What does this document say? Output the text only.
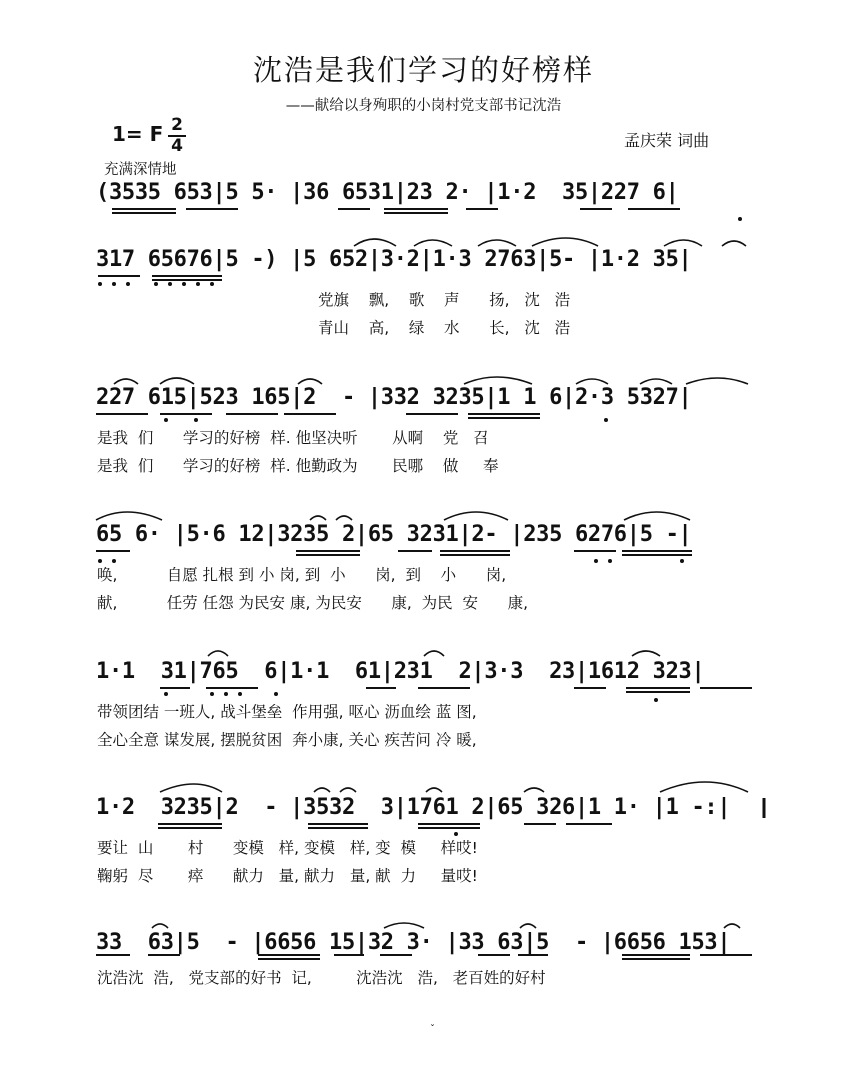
沈浩是我们学习的好榜样
——献给以身殉职的小岗村党支部书记沈浩
1= F 2
4	孟庆荣 词曲
充满深情地
(3535 653|5 5· |36 6531|23 2· |1·2  35|227 6|
317 65676|5 -) |5 652|3·2|1·3 2763|5- |1·2 35|
党旗    飘,    歌    声      扬,   沈   浩
青山    高,    绿    水      长,   沈   浩
227 615|523 165|2  - |332 3235|1 1 6|2·3 5327|
是我  们      学习的好榜  样. 他坚决听       从啊    党   召
是我  们      学习的好榜  样. 他勤政为       民哪    做     奉
65 6· |5·6 12|3235 2|65 3231|2- |235 6276|5 -|
唤,          自愿 扎根 到 小 岗, 到  小      岗,  到    小      岗,
献,          任劳 任怨 为民安 康, 为民安      康,  为民  安      康,
1·1  31|765  6|1·1  61|231  2|3·3  23|1612 323|
带领团结 一班人, 战斗堡垒  作用强, 呕心 沥血绘 蓝 图,
全心全意 谋发展, 摆脱贫困  奔小康, 关心 疾苦问 冷 暖,
1·2  3235|2  - |3532  3|1761 2|65 326|1 1· |1 -:|
要让  山       村      变模   样, 变模   样, 变  模     样哎!
鞠躬  尽       瘁      献力   量, 献力   量, 献  力     量哎!
33  63|5  - |6656 15|32 3· |33 63|5  - |6656 153|
沈浩沈  浩,   党支部的好书  记,         沈浩沈   浩,   老百姓的好村
ˇ
